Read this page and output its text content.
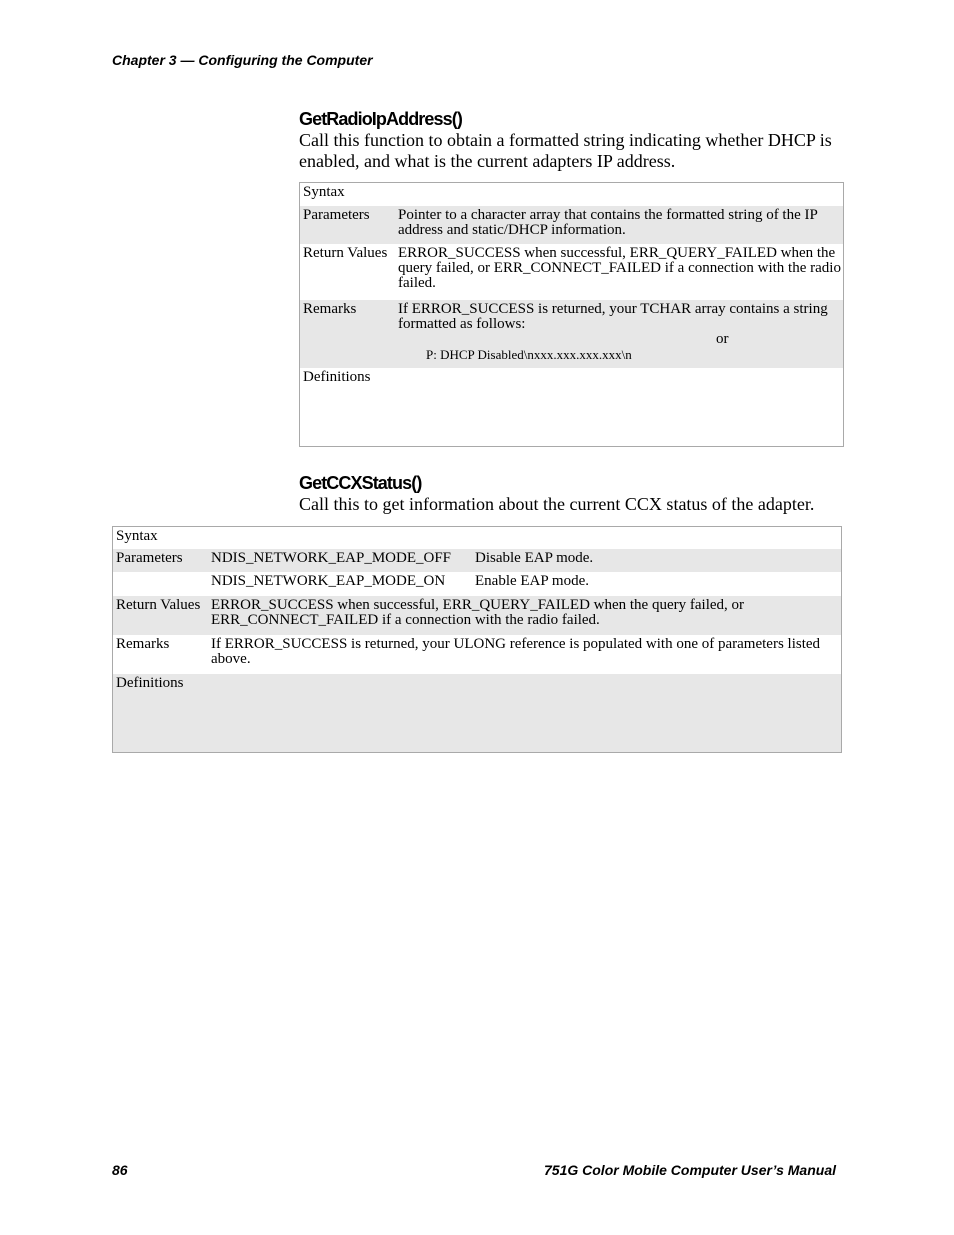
Chapter 3 — Configuring the Computer
GetRadioIpAddress()
Call this function to obtain a formatted string indicating whether DHCP is enabled, and what is the current adapters IP address.
Syntax
Parameters	Pointer to a character array that contains the formatted string of the IP address and static/DHCP information.
Return Values ERROR_SUCCESS when successful, ERR_QUERY_FAILED when the query failed, or ERR_CONNECT_FAILED if a connection with the radio failed.
Remarks	If ERROR_SUCCESS is returned, your TCHAR array contains a string formatted as follows:
or
P: DHCP Disabled\nxxx.xxx.xxx.xxx\n
Definitions
GetCCXStatus()
Call this to get information about the current CCX status of the adapter.
Syntax
Parameters	NDIS_NETWORK_EAP_MODE_OFF Disable EAP mode.
NDIS_NETWORK_EAP_MODE_ON Enable EAP mode.
Return Values ERROR_SUCCESS when successful, ERR_QUERY_FAILED when the query failed, or ERR_CONNECT_FAILED if a connection with the radio failed.
Remarks	If ERROR_SUCCESS is returned, your ULONG reference is populated with one of parameters listed above.
Definitions
86	751G Color Mobile Computer User’s Manual
